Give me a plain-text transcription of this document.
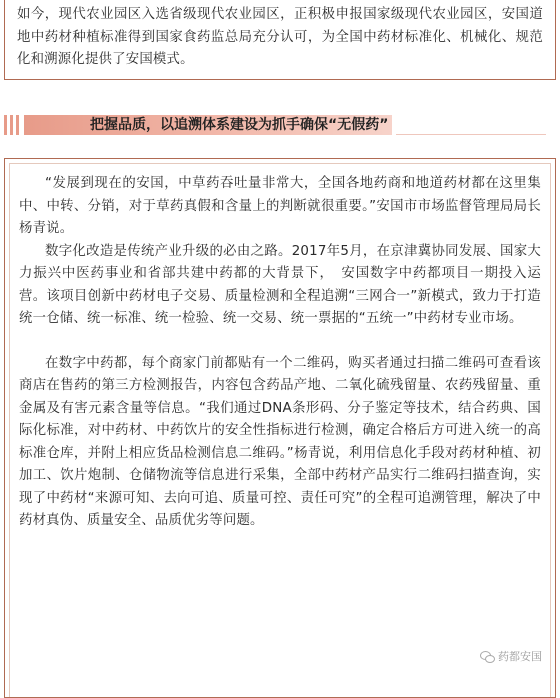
如今，现代农业园区入选省级现代农业园区，正积极申报国家级现代农业园区，安国道地中药材种植标准得到国家食药监总局充分认可，为全国中药材标准化、机械化、规范化和溯源化提供了安国模式。

把握品质，以追溯体系建设为抓手确保“无假药”

“发展到现在的安国，中草药吞吐量非常大，全国各地药商和地道药材都在这里集中、中转、分销，对于草药真假和含量上的判断就很重要。”安国市市场监督管理局局长杨青说。

数字化改造是传统产业升级的必由之路。2017年5月，在京津冀协同发展、国家大力振兴中医药事业和省部共建中药都的大背景下，　安国数字中药都项目一期投入运营。该项目创新中药材电子交易、质量检测和全程追溯“三网合一”新模式，致力于打造统一仓储、统一标准、统一检验、统一交易、统一票据的“五统一”中药材专业市场。

在数字中药都，每个商家门前都贴有一个二维码，购买者通过扫描二维码可查看该商店在售药的第三方检测报告，内容包含药品产地、二氧化硫残留量、农药残留量、重金属及有害元素含量等信息。“我们通过DNA条形码、分子鉴定等技术，结合药典、国际化标准，对中药材、中药饮片的安全性指标进行检测，确定合格后方可进入统一的高标准仓库，并附上相应货品检测信息二维码。”杨青说，利用信息化手段对药材种植、初加工、饮片炮制、仓储物流等信息进行采集，全部中药材产品实行二维码扫描查询，实现了中药材“来源可知、去向可追、质量可控、责任可究”的全程可追溯管理，解决了中药材真伪、质量安全、品质优劣等问题。

药都安国
